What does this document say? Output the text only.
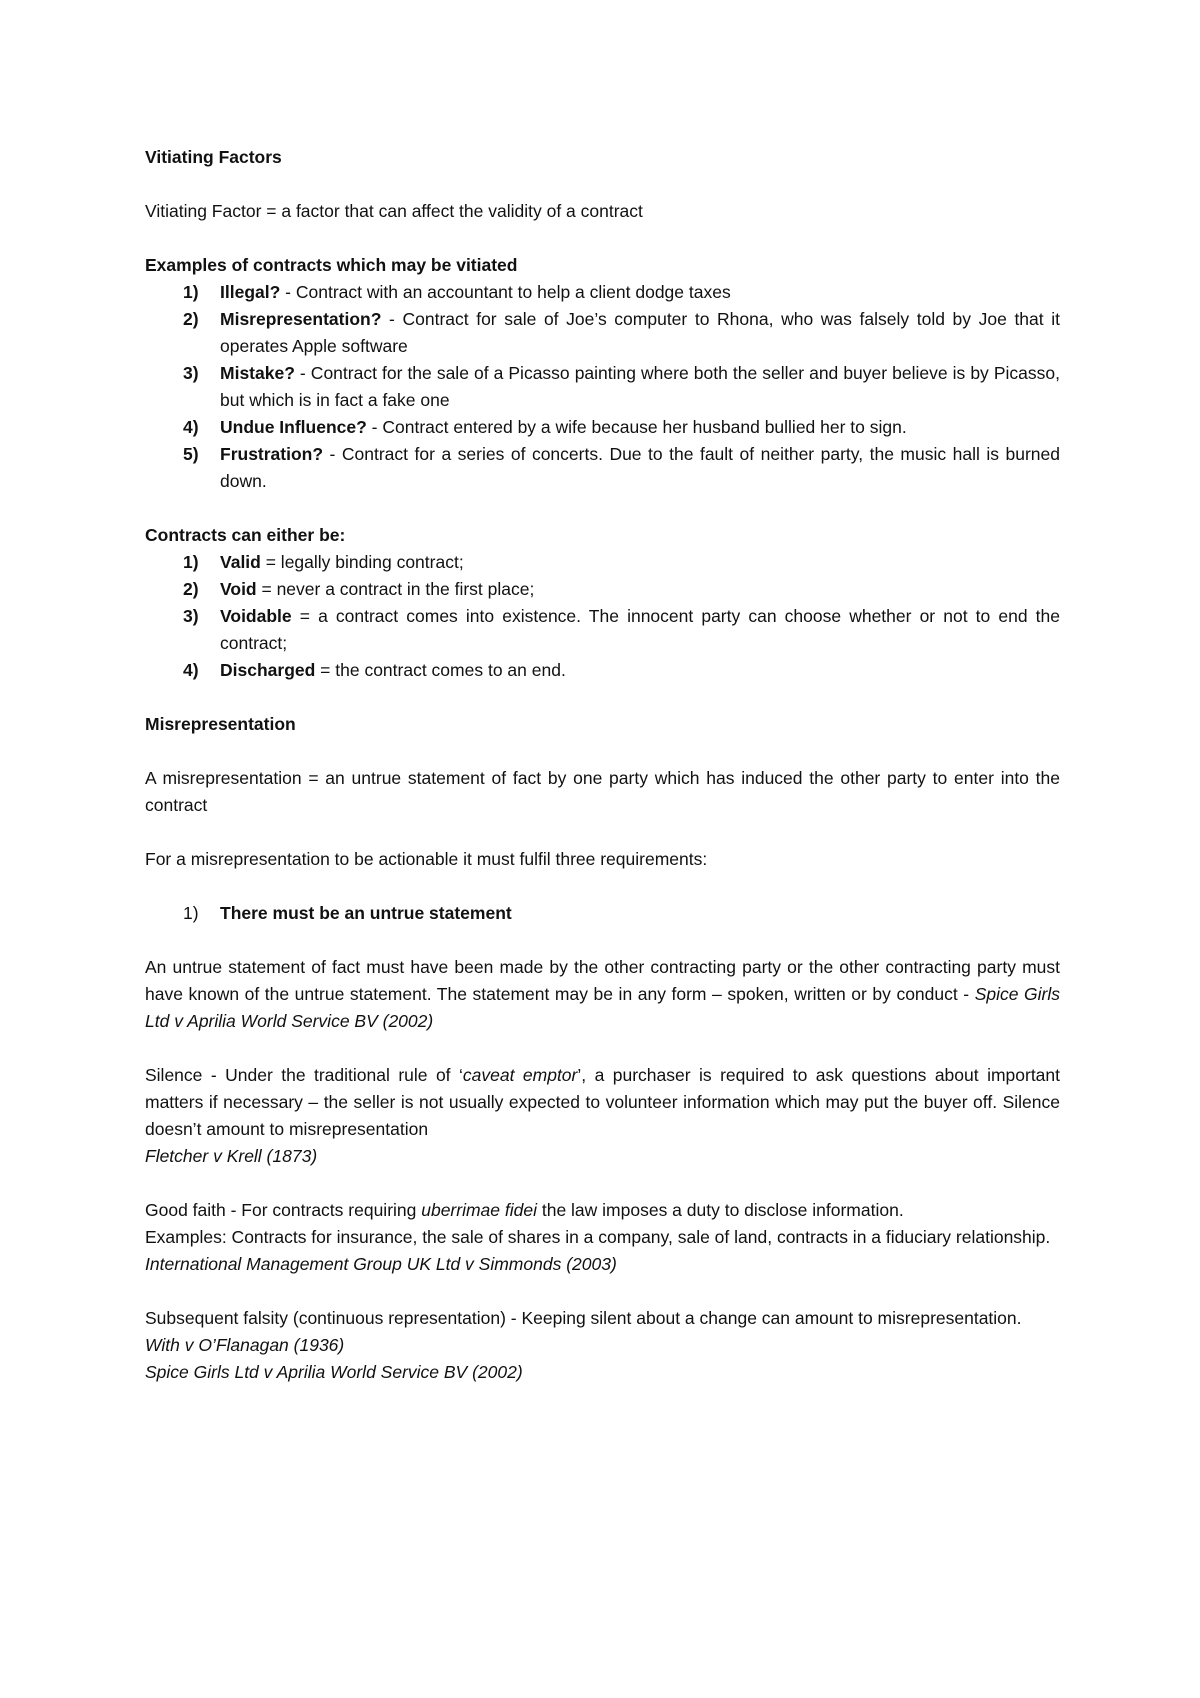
Vitiating Factors

Vitiating Factor = a factor that can affect the validity of a contract

Examples of contracts which may be vitiated

1) Illegal? - Contract with an accountant to help a client dodge taxes
2) Misrepresentation? - Contract for sale of Joe’s computer to Rhona, who was falsely told by Joe that it operates Apple software
3) Mistake? - Contract for the sale of a Picasso painting where both the seller and buyer believe is by Picasso, but which is in fact a fake one
4) Undue Influence? - Contract entered by a wife because her husband bullied her to sign.
5) Frustration? - Contract for a series of concerts. Due to the fault of neither party, the music hall is burned down.

Contracts can either be:

1) Valid = legally binding contract;
2) Void = never a contract in the first place;
3) Voidable = a contract comes into existence. The innocent party can choose whether or not to end the contract;
4) Discharged = the contract comes to an end.

Misrepresentation

A misrepresentation = an untrue statement of fact by one party which has induced the other party to enter into the contract

For a misrepresentation to be actionable it must fulfil three requirements:

1) There must be an untrue statement

An untrue statement of fact must have been made by the other contracting party or the other contracting party must have known of the untrue statement. The statement may be in any form – spoken, written or by conduct - Spice Girls Ltd v Aprilia World Service BV (2002)

Silence - Under the traditional rule of ‘caveat emptor’, a purchaser is required to ask questions about important matters if necessary – the seller is not usually expected to volunteer information which may put the buyer off. Silence doesn’t amount to misrepresentation

Fletcher v Krell (1873)

Good faith - For contracts requiring uberrimae fidei the law imposes a duty to disclose information.

Examples: Contracts for insurance, the sale of shares in a company, sale of land, contracts in a fiduciary relationship.

International Management Group UK Ltd v Simmonds (2003)

Subsequent falsity (continuous representation) - Keeping silent about a change can amount to misrepresentation.

With v O’Flanagan (1936)

Spice Girls Ltd v Aprilia World Service BV (2002)
